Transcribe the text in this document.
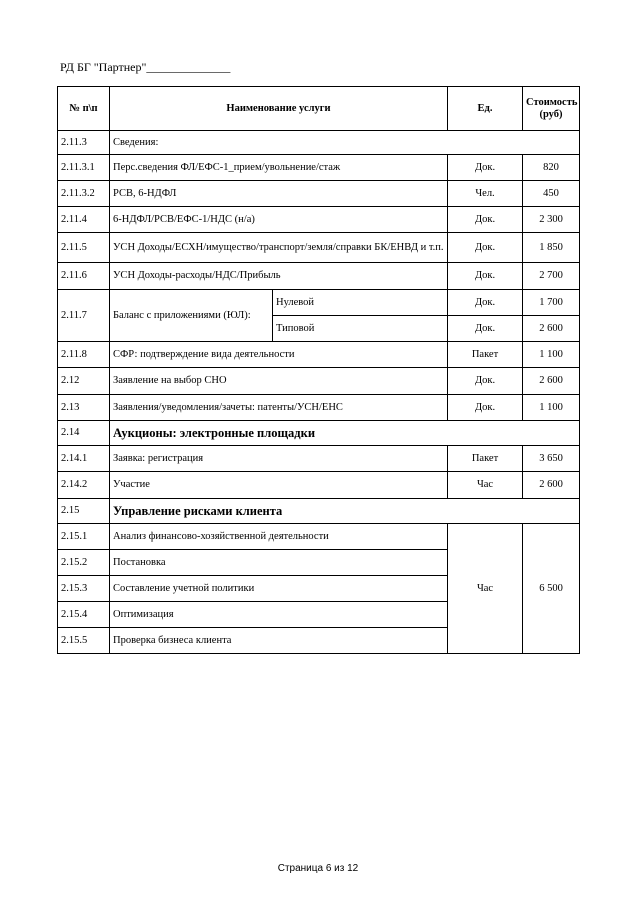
РД БГ "Партнер"______________
№ п\п	Наименование услуги		Ед.	Стоимость (руб)
2.11.3	Сведения:			
2.11.3.1	Перс.сведения ФЛ/ЕФС-1_прием/увольнение/стаж		Док.	820
2.11.3.2	РСВ, 6-НДФЛ		Чел.	450
2.11.4	6-НДФЛ/РСВ/ЕФС-1/НДС (н/а)		Док.	2 300
2.11.5	УСН Доходы/ЕСХН/имущество/транспорт/земля/справки БК/ЕНВД и т.п.		Док.	1 850
2.11.6	УСН Доходы-расходы/НДС/Прибыль		Док.	2 700
2.11.7	Баланс с приложениями (ЮЛ):	Нулевой	Док.	1 700
		Типовой	Док.	2 600
2.11.8	СФР: подтверждение вида деятельности		Пакет	1 100
2.12	Заявление на выбор СНО		Док.	2 600
2.13	Заявления/уведомления/зачеты: патенты/УСН/ЕНС		Док.	1 100
2.14	Аукционы: электронные площадки			
2.14.1	Заявка: регистрация		Пакет	3 650
2.14.2	Участие		Час	2 600
2.15	Управление рисками клиента			
2.15.1	Анализ финансово-хозяйственной деятельности		Час	6 500
2.15.2	Постановка			
2.15.3	Составление учетной политики			
2.15.4	Оптимизация			
2.15.5	Проверка бизнеса клиента			
Страница 6 из 12
